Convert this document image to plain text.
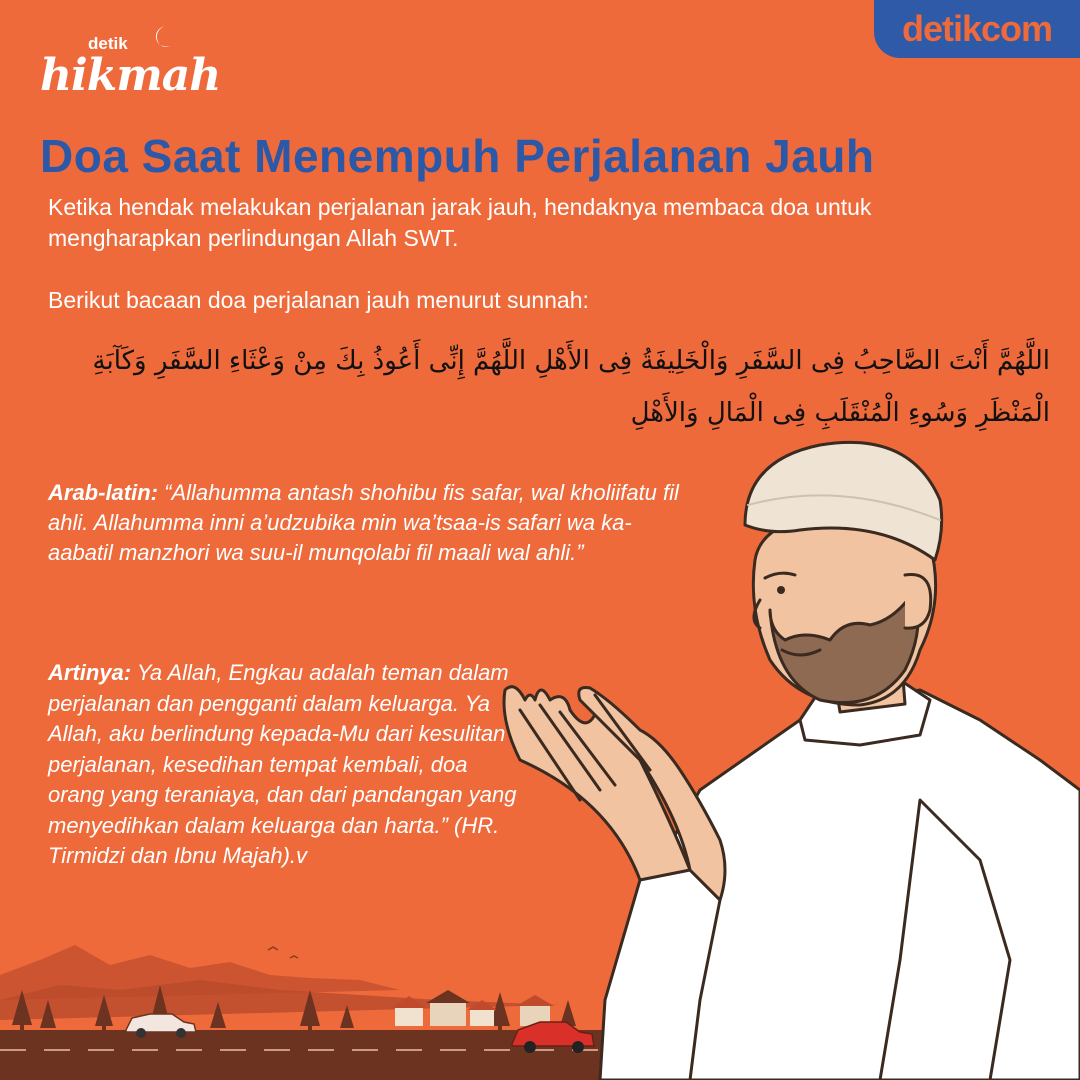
detik
hikmah
detikcom
Doa Saat Menempuh Perjalanan Jauh
Ketika hendak melakukan perjalanan jarak jauh, hendaknya membaca doa untuk mengharapkan perlindungan Allah SWT.
Berikut bacaan doa perjalanan jauh menurut sunnah:
اللَّهُمَّ أَنْتَ الصَّاحِبُ فِى السَّفَرِ وَالْخَلِيفَةُ فِى الأَهْلِ اللَّهُمَّ إِنِّى أَعُوذُ بِكَ مِنْ وَعْثَاءِ السَّفَرِ وَكَآبَةِ الْمَنْظَرِ وَسُوءِ الْمُنْقَلَبِ فِى الْمَالِ وَالأَهْلِ
Arab-latin: “Allahumma antash shohibu fis safar, wal kholiifatu fil ahli. Allahumma inni a’udzubika min wa’tsaa-is safari wa ka-aabatil manzhori wa suu-il munqolabi fil maali wal ahli.”
Artinya: Ya Allah, Engkau adalah teman dalam perjalanan dan pengganti dalam keluarga. Ya Allah, aku berlindung kepada-Mu dari kesulitan perjalanan, kesedihan tempat kembali, doa orang yang teraniaya, dan dari pandangan yang menyedihkan dalam keluarga dan harta.” (HR. Tirmidzi dan Ibnu Majah).v
